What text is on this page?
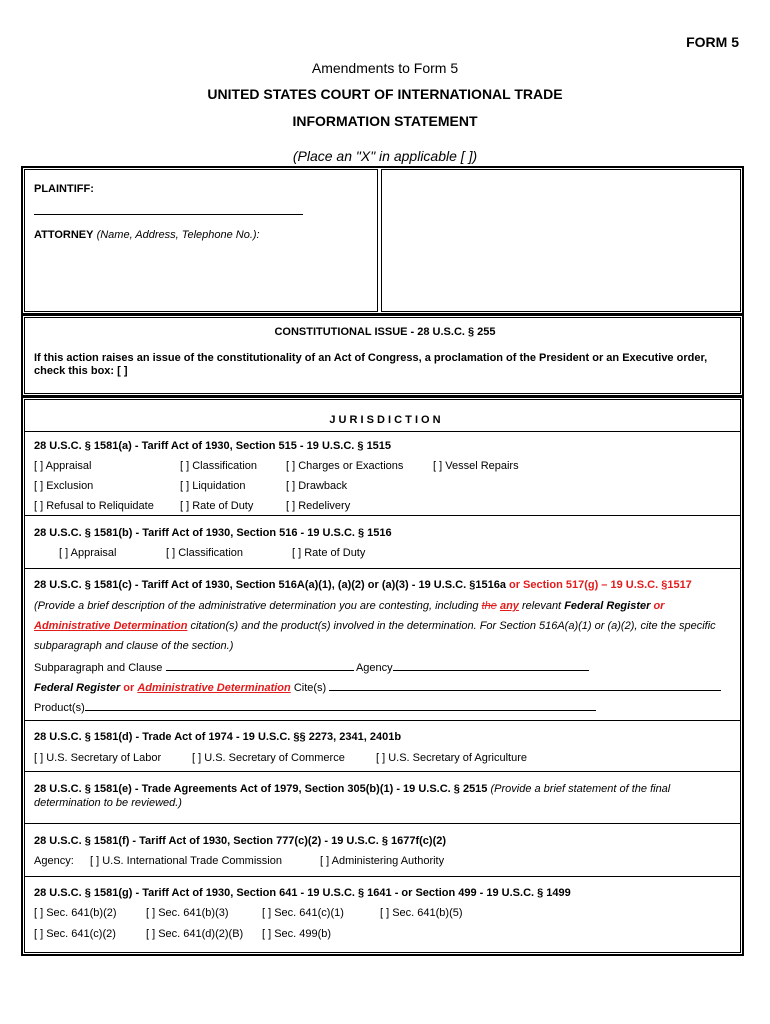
FORM 5
Amendments to Form 5
UNITED STATES COURT OF INTERNATIONAL TRADE
INFORMATION STATEMENT
(Place an "X" in applicable [ ])
PLAINTIFF:
ATTORNEY (Name, Address, Telephone No.):
CONSTITUTIONAL ISSUE - 28 U.S.C. § 255
If this action raises an issue of the constitutionality of an Act of Congress, a proclamation of the President or an Executive order,
check this box: [ ]
J U R I S D I C T I O N
28 U.S.C. § 1581(a) - Tariff Act of 1930, Section 515 - 19 U.S.C. § 1515
[ ] Appraisal	[ ] Classification	[ ] Charges or Exactions	[ ] Vessel Repairs
[ ] Exclusion	[ ] Liquidation	[ ] Drawback
[ ] Refusal to Reliquidate [ ] Rate of Duty	[ ] Redelivery
28 U.S.C. § 1581(b) - Tariff Act of 1930, Section 516 - 19 U.S.C. § 1516
[ ] Appraisal	[ ] Classification	[ ] Rate of Duty
28 U.S.C. § 1581(c) - Tariff Act of 1930, Section 516A(a)(1), (a)(2) or (a)(3) - 19 U.S.C. §1516a or Section 517(g) – 19 U.S.C. §1517
(Provide a brief description of the administrative determination you are contesting, including the any relevant Federal Register or
Administrative Determination citation(s) and the product(s) involved in the determination. For Section 516A(a)(1) or (a)(2), cite the specific
subparagraph and clause of the section.)
Subparagraph and Clause	Agency
Federal Register or Administrative Determination Cite(s)
Product(s)
28 U.S.C. § 1581(d) - Trade Act of 1974 - 19 U.S.C. §§ 2273, 2341, 2401b
[ ] U.S. Secretary of Labor	[ ] U.S. Secretary of Commerce	[ ] U.S. Secretary of Agriculture
28 U.S.C. § 1581(e) - Trade Agreements Act of 1979, Section 305(b)(1) - 19 U.S.C. § 2515 (Provide a brief statement of the final
determination to be reviewed.)
28 U.S.C. § 1581(f) - Tariff Act of 1930, Section 777(c)(2) - 19 U.S.C. § 1677f(c)(2)
Agency: [ ] U.S. International Trade Commission	[ ] Administering Authority
28 U.S.C. § 1581(g) - Tariff Act of 1930, Section 641 - 19 U.S.C. § 1641 - or Section 499 - 19 U.S.C. § 1499
[ ] Sec. 641(b)(2)	[ ] Sec. 641(b)(3)	[ ] Sec. 641(c)(1)	[ ] Sec. 641(b)(5)
[ ] Sec. 641(c)(2)	[ ] Sec. 641(d)(2)(B) [ ] Sec. 499(b)
